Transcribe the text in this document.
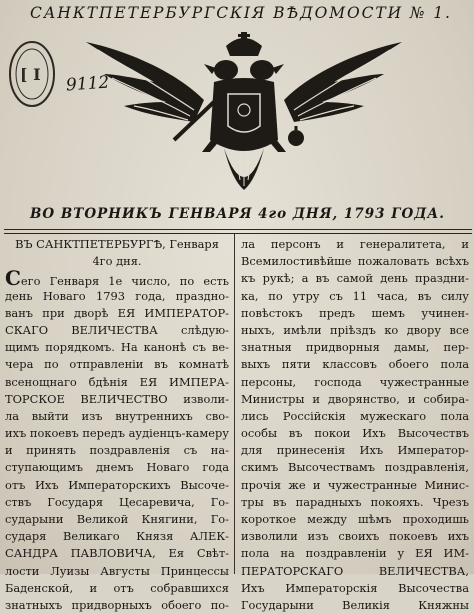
САНКТПЕТЕРБУРГСКІЯ ВѢДОМОСТИ № 1.
[ I 9112
ВО ВТОРНИКЪ ГЕНВАРЯ 4го ДНЯ, 1793 ГОДА.
ВЪ САНКТПЕТЕРБУРГѢ, Генваря
4го дня.
Сего Генваря 1е число, по есть
день Новаго 1793 года, праздно-
ванъ при дворѣ ЕЯ ИМПЕРАТОР-
СКАГО ВЕЛИЧЕСТВА слѣдую-
щимъ порядкомъ. На канонѣ съ ве-
чера по отправленіи въ комнатѣ
всенощнаго бдѣнія ЕЯ ИМПЕРА-
ТОРСКОЕ ВЕЛИЧЕСТВО изволи-
ла выйти изъ внутреннихъ сво-
ихъ покоевъ передъ аудіенцъ-камеру
и принять поздравленія съ на-
ступающимъ днемъ Новаго года
отъ Ихъ Императорскихъ Высоче-
ствъ Государя Цесаревича, Го-
сударыни Великой Княгини, Го-
сударя Великаго Князя АЛЕК-
САНДРА ПАВЛОВИЧА, Ея Свѣт-
лости Луизы Августы Принцессы
Баденской, и отъ собравшихся
знатныхъ придворныхъ обоего по-
ла персонъ и генералитета, и
Всемилостивѣйше пожаловать всѣхъ
къ рукѣ; а въ самой день праздни-
ка, по утру съ 11 часа, въ силу
повѣстокъ предъ шемъ учинен-
ныхъ, имѣли пріѣздъ ко двору все
знатныя придворныя дамы, пер-
выхъ пяти классовъ обоего пола
персоны, господа чужестранные
Министры и дворянство, и собира-
лись Россійскія мужескаго пола
особы въ покои Ихъ Высочествъ
для принесенія Ихъ Император-
скимъ Высочествамъ поздравленія,
прочія же и чужестранные Минис-
тры въ парадныхъ покояхъ. Чрезъ
короткое между шѣмъ проходишь
изволили изъ своихъ покоевъ ихъ
пола на поздравленіи у ЕЯ ИМ-
ПЕРАТОРСКАГО ВЕЛИЧЕСТВА,
Ихъ Императорскія Высочества
Государыни Великія Княжны
